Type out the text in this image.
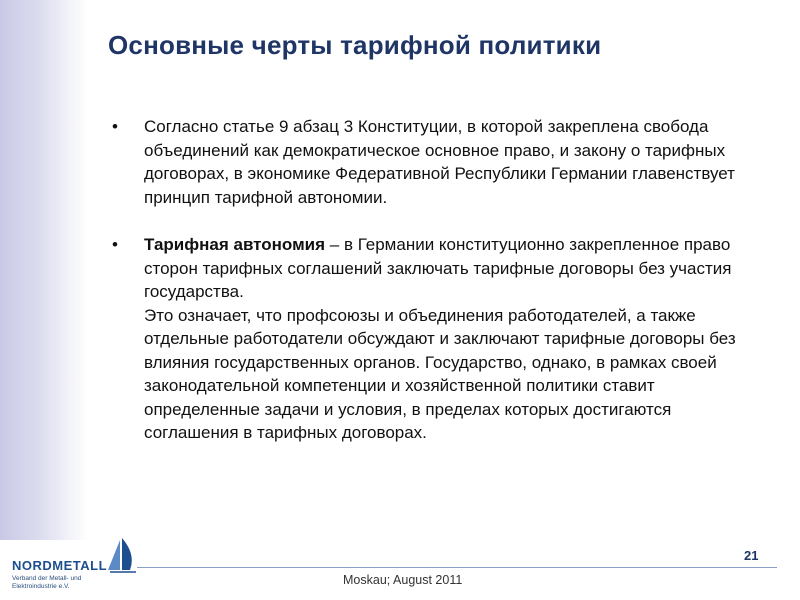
Основные черты тарифной политики
• Согласно статье 9 абзац 3 Конституции, в которой закреплена свобода объединений как демократическое основное право, и закону о тарифных договорах, в экономике Федеративной Республики Германии главенствует принцип тарифной автономии.
• Тарифная автономия – в Германии конституционно закрепленное право сторон тарифных соглашений заключать тарифные договоры без участия государства.
Это означает, что профсоюзы и объединения работодателей, а также отдельные работодатели обсуждают и заключают тарифные договоры без влияния государственных органов. Государство, однако, в рамках своей законодательной компетенции и хозяйственной политики ставит определенные задачи и условия, в пределах которых достигаются соглашения в тарифных договорах.
21
Moskau; August 2011
NORDMETALL
Verband der Metall- und
Elektroindustrie e.V.
